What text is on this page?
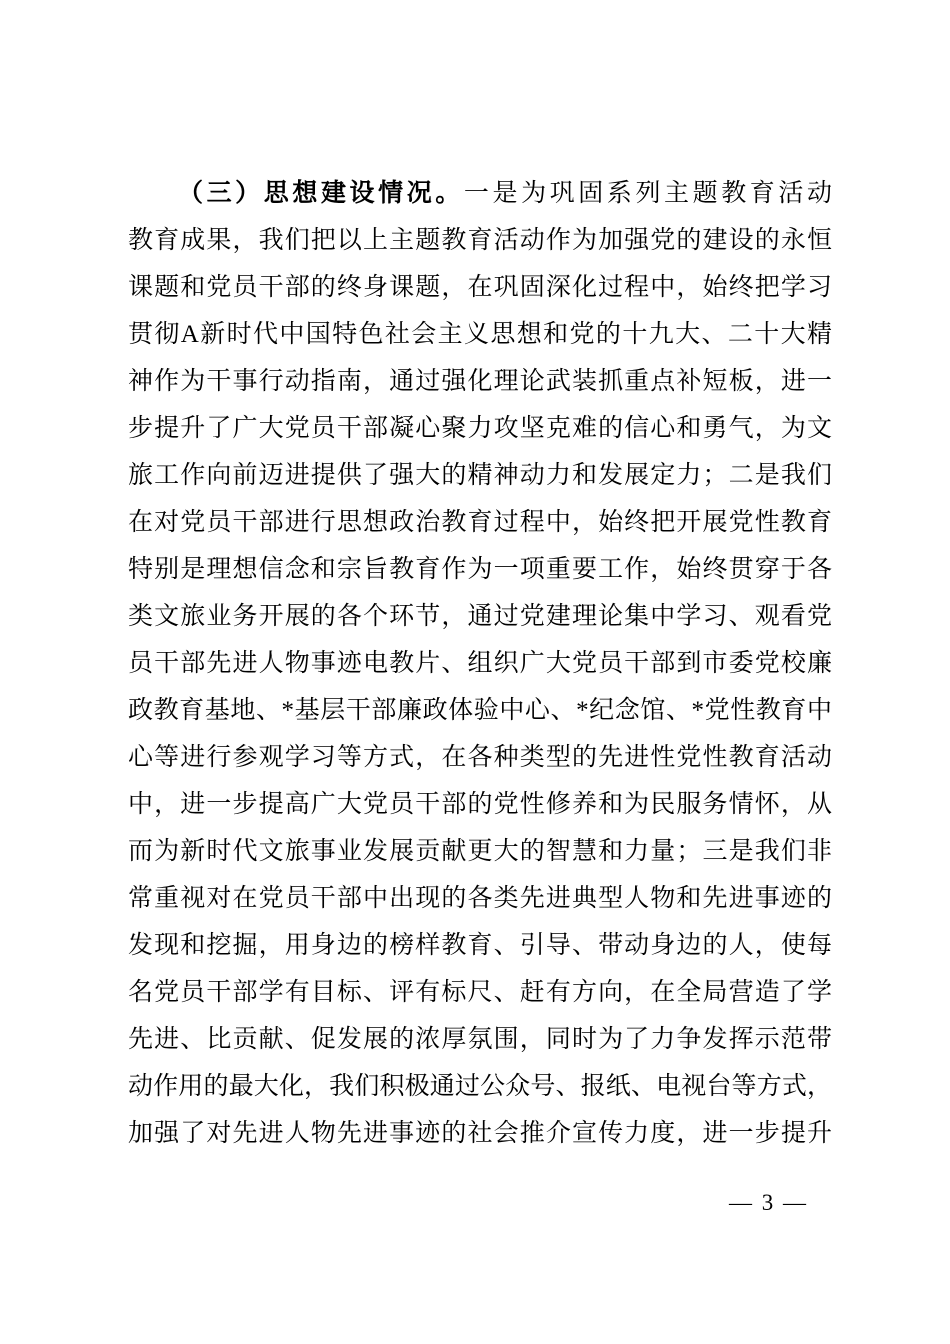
（三）思想建设情况。一是为巩固系列主题教育活动
教育成果，我们把以上主题教育活动作为加强党的建设的永恒
课题和党员干部的终身课题，在巩固深化过程中，始终把学习
贯彻A新时代中国特色社会主义思想和党的十九大、二十大精
神作为干事行动指南，通过强化理论武装抓重点补短板，进一
步提升了广大党员干部凝心聚力攻坚克难的信心和勇气，为文
旅工作向前迈进提供了强大的精神动力和发展定力；二是我们
在对党员干部进行思想政治教育过程中，始终把开展党性教育
特别是理想信念和宗旨教育作为一项重要工作，始终贯穿于各
类文旅业务开展的各个环节，通过党建理论集中学习、观看党
员干部先进人物事迹电教片、组织广大党员干部到市委党校廉
政教育基地、*基层干部廉政体验中心、*纪念馆、*党性教育中
心等进行参观学习等方式，在各种类型的先进性党性教育活动
中，进一步提高广大党员干部的党性修养和为民服务情怀，从
而为新时代文旅事业发展贡献更大的智慧和力量；三是我们非
常重视对在党员干部中出现的各类先进典型人物和先进事迹的
发现和挖掘，用身边的榜样教育、引导、带动身边的人，使每
名党员干部学有目标、评有标尺、赶有方向，在全局营造了学
先进、比贡献、促发展的浓厚氛围，同时为了力争发挥示范带
动作用的最大化，我们积极通过公众号、报纸、电视台等方式，
加强了对先进人物先进事迹的社会推介宣传力度，进一步提升
— 3 —
